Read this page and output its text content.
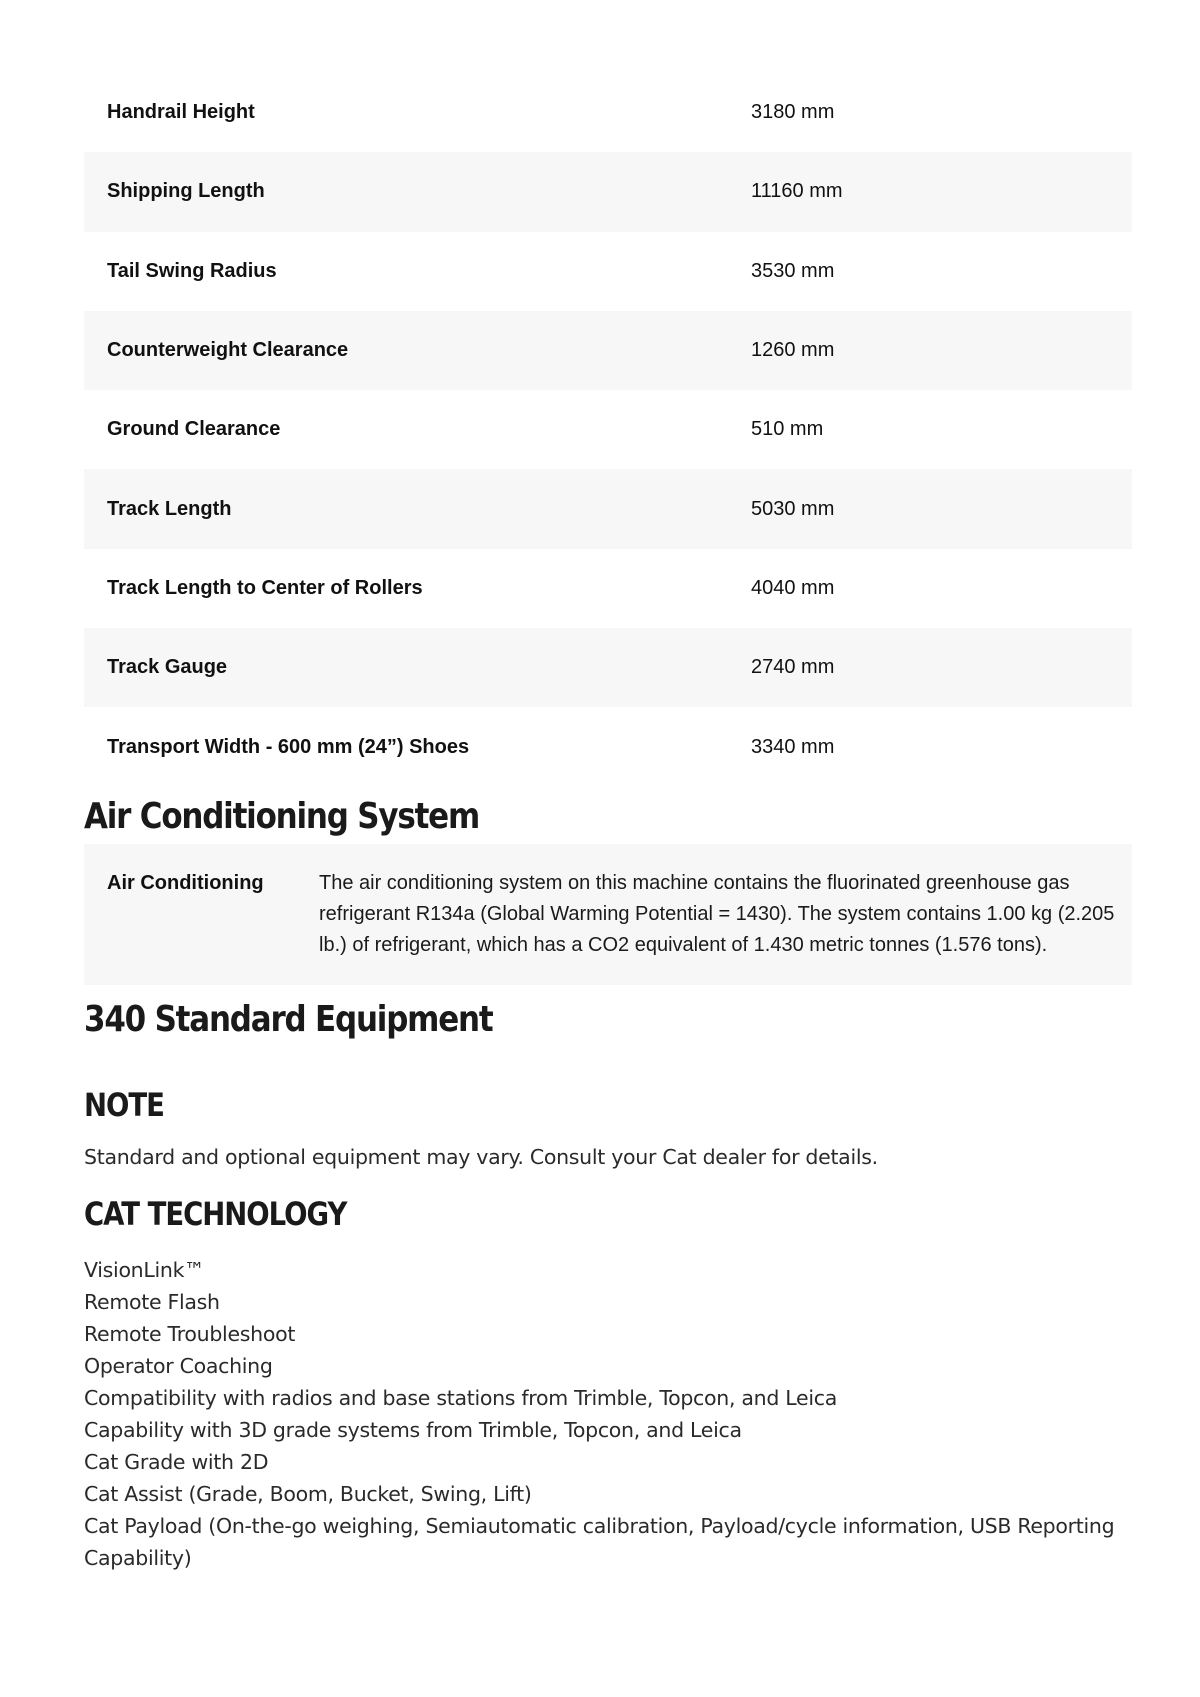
Handrail Height	3180 mm
Shipping Length	11160 mm
Tail Swing Radius	3530 mm
Counterweight Clearance	1260 mm
Ground Clearance	510 mm
Track Length	5030 mm
Track Length to Center of Rollers	4040 mm
Track Gauge	2740 mm
Transport Width - 600 mm (24”) Shoes	3340 mm
Air Conditioning System
Air Conditioning	The air conditioning system on this machine contains the fluorinated greenhouse gas refrigerant R134a (Global Warming Potential = 1430). The system contains 1.00 kg (2.205 lb.) of refrigerant, which has a CO2 equivalent of 1.430 metric tonnes (1.576 tons).
340 Standard Equipment
NOTE
Standard and optional equipment may vary. Consult your Cat dealer for details.
CAT TECHNOLOGY
VisionLink™
Remote Flash
Remote Troubleshoot
Operator Coaching
Compatibility with radios and base stations from Trimble, Topcon, and Leica
Capability with 3D grade systems from Trimble, Topcon, and Leica
Cat Grade with 2D
Cat Assist (Grade, Boom, Bucket, Swing, Lift)
Cat Payload (On-the-go weighing, Semiautomatic calibration, Payload/cycle information, USB Reporting Capability)
